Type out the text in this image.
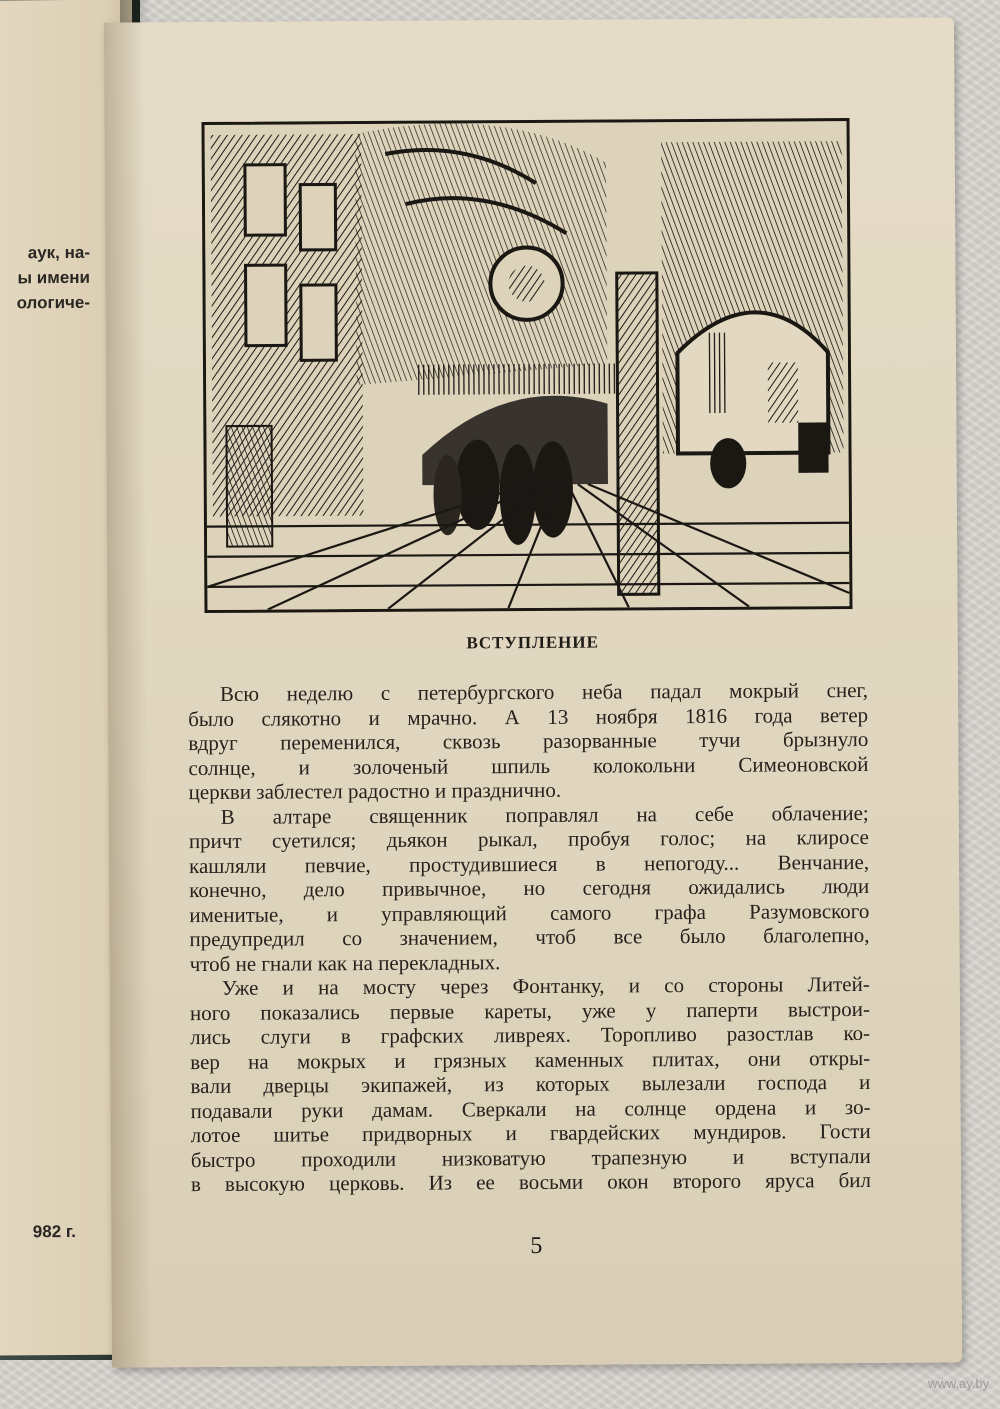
аук, на-
ы имени
ологиче-
982 г.
ВСТУПЛЕНИЕ
Всю неделю с петербургского неба падал мокрый снег,
было слякотно и мрачно. А 13 ноября 1816 года ветер
вдруг переменился, сквозь разорванные тучи брызнуло
солнце, и золоченый шпиль колокольни Симеоновской
церкви заблестел радостно и празднично.
В алтаре священник поправлял на себе облачение;
причт суетился; дьякон рыкал, пробуя голос; на клиросе
кашляли певчие, простудившиеся в непогоду... Венчание,
конечно, дело привычное, но сегодня ожидались люди
именитые, и управляющий самого графа Разумовского
предупредил со значением, чтоб все было благолепно,
чтоб не гнали как на перекладных.
Уже и на мосту через Фонтанку, и со стороны Литей-
ного показались первые кареты, уже у паперти выстрои-
лись слуги в графских ливреях. Торопливо разостлав ко-
вер на мокрых и грязных каменных плитах, они откры-
вали дверцы экипажей, из которых вылезали господа и
подавали руки дамам. Сверкали на солнце ордена и зо-
лотое шитье придворных и гвардейских мундиров. Гости
быстро проходили низковатую трапезную и вступали
в высокую церковь. Из ее восьми окон второго яруса бил
5
www.ay.by
